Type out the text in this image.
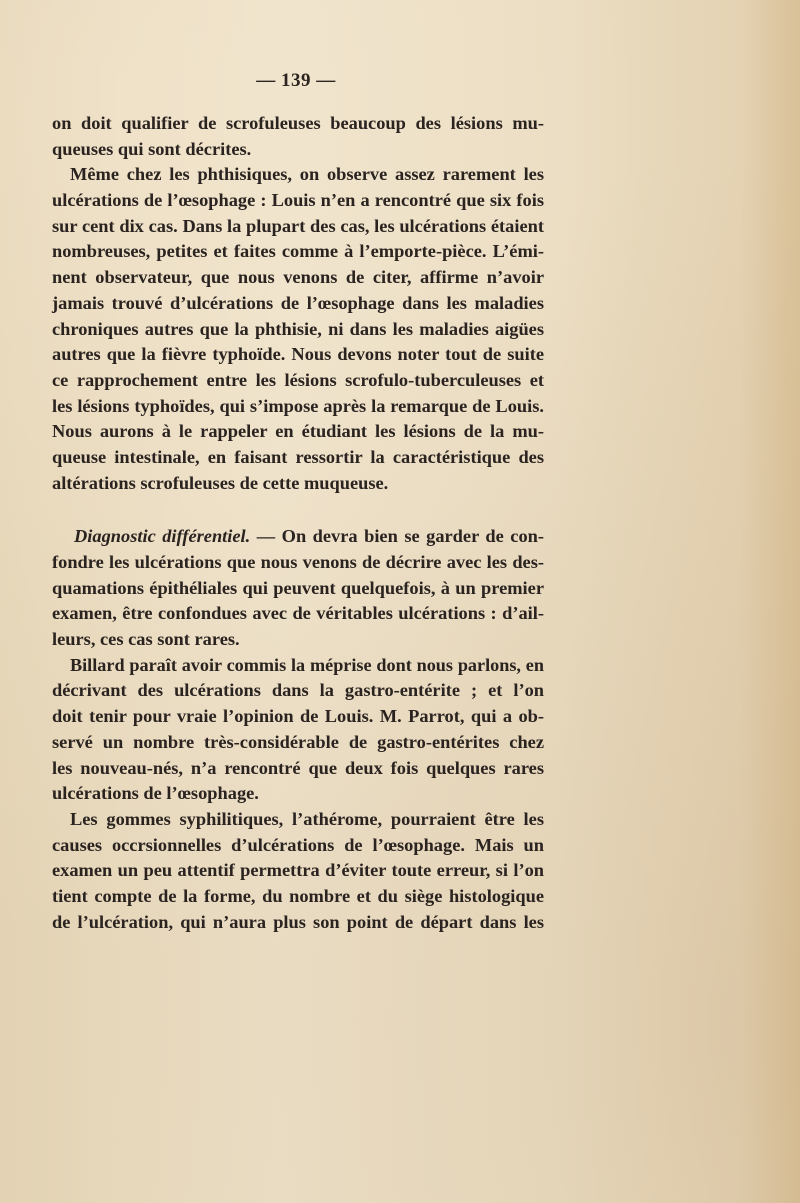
— 139 —
on doit qualifier de scrofuleuses beaucoup des lésions mu-
queuses qui sont décrites.
Même chez les phthisiques, on observe assez rarement les
ulcérations de l’œsophage : Louis n’en a rencontré que six fois
sur cent dix cas. Dans la plupart des cas, les ulcérations étaient
nombreuses, petites et faites comme à l’emporte-pièce. L’émi-
nent observateur, que nous venons de citer, affirme n’avoir
jamais trouvé d’ulcérations de l’œsophage dans les maladies
chroniques autres que la phthisie, ni dans les maladies aigües
autres que la fièvre typhoïde. Nous devons noter tout de suite
ce rapprochement entre les lésions scrofulo-tuberculeuses et
les lésions typhoïdes, qui s’impose après la remarque de Louis.
Nous aurons à le rappeler en étudiant les lésions de la mu-
queuse intestinale, en faisant ressortir la caractéristique des
altérations scrofuleuses de cette muqueuse.
Diagnostic différentiel. — On devra bien se garder de con-
fondre les ulcérations que nous venons de décrire avec les des-
quamations épithéliales qui peuvent quelquefois, à un premier
examen, être confondues avec de véritables ulcérations : d’ail-
leurs, ces cas sont rares.
Billard paraît avoir commis la méprise dont nous parlons, en
décrivant des ulcérations dans la gastro-entérite ; et l’on
doit tenir pour vraie l’opinion de Louis. M. Parrot, qui a ob-
servé un nombre très-considérable de gastro-entérites chez
les nouveau-nés, n’a rencontré que deux fois quelques rares
ulcérations de l’œsophage.
Les gommes syphilitiques, l’athérome, pourraient être les
causes occrsionnelles d’ulcérations de l’œsophage. Mais un
examen un peu attentif permettra d’éviter toute erreur, si l’on
tient compte de la forme, du nombre et du siège histologique
de l’ulcération, qui n’aura plus son point de départ dans les
